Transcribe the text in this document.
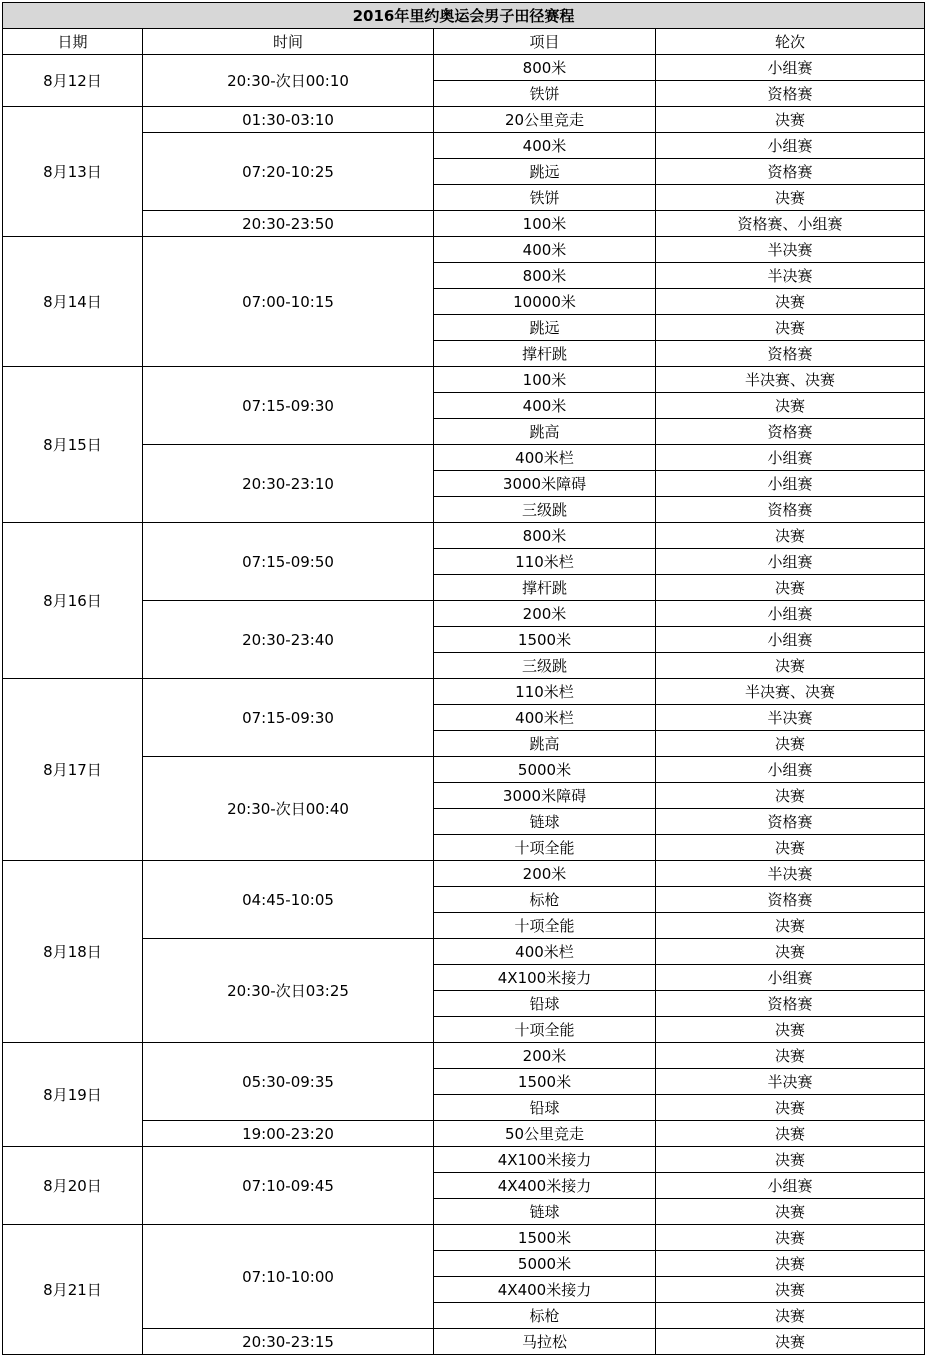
2016年里约奥运会男子田径赛程			
日期	时间	项目	轮次
8月12日	20:30-次日00:10	800米	小组赛
		铁饼	资格赛
8月13日	01:30-03:10	20公里竞走	决赛
	07:20-10:25	400米	小组赛
		跳远	资格赛
		铁饼	决赛
	20:30-23:50	100米	资格赛、小组赛
8月14日	07:00-10:15	400米	半决赛
		800米	半决赛
		10000米	决赛
		跳远	决赛
		撑杆跳	资格赛
8月15日	07:15-09:30	100米	半决赛、决赛
		400米	决赛
		跳高	资格赛
	20:30-23:10	400米栏	小组赛
		3000米障碍	小组赛
		三级跳	资格赛
8月16日	07:15-09:50	800米	决赛
		110米栏	小组赛
		撑杆跳	决赛
	20:30-23:40	200米	小组赛
		1500米	小组赛
		三级跳	决赛
8月17日	07:15-09:30	110米栏	半决赛、决赛
		400米栏	半决赛
		跳高	决赛
	20:30-次日00:40	5000米	小组赛
		3000米障碍	决赛
		链球	资格赛
		十项全能	决赛
8月18日	04:45-10:05	200米	半决赛
		标枪	资格赛
		十项全能	决赛
	20:30-次日03:25	400米栏	决赛
		4X100米接力	小组赛
		铅球	资格赛
		十项全能	决赛
8月19日	05:30-09:35	200米	决赛
		1500米	半决赛
		铅球	决赛
	19:00-23:20	50公里竞走	决赛
8月20日	07:10-09:45	4X100米接力	决赛
		4X400米接力	小组赛
		链球	决赛
8月21日	07:10-10:00	1500米	决赛
		5000米	决赛
		4X400米接力	决赛
		标枪	决赛
	20:30-23:15	马拉松	决赛
